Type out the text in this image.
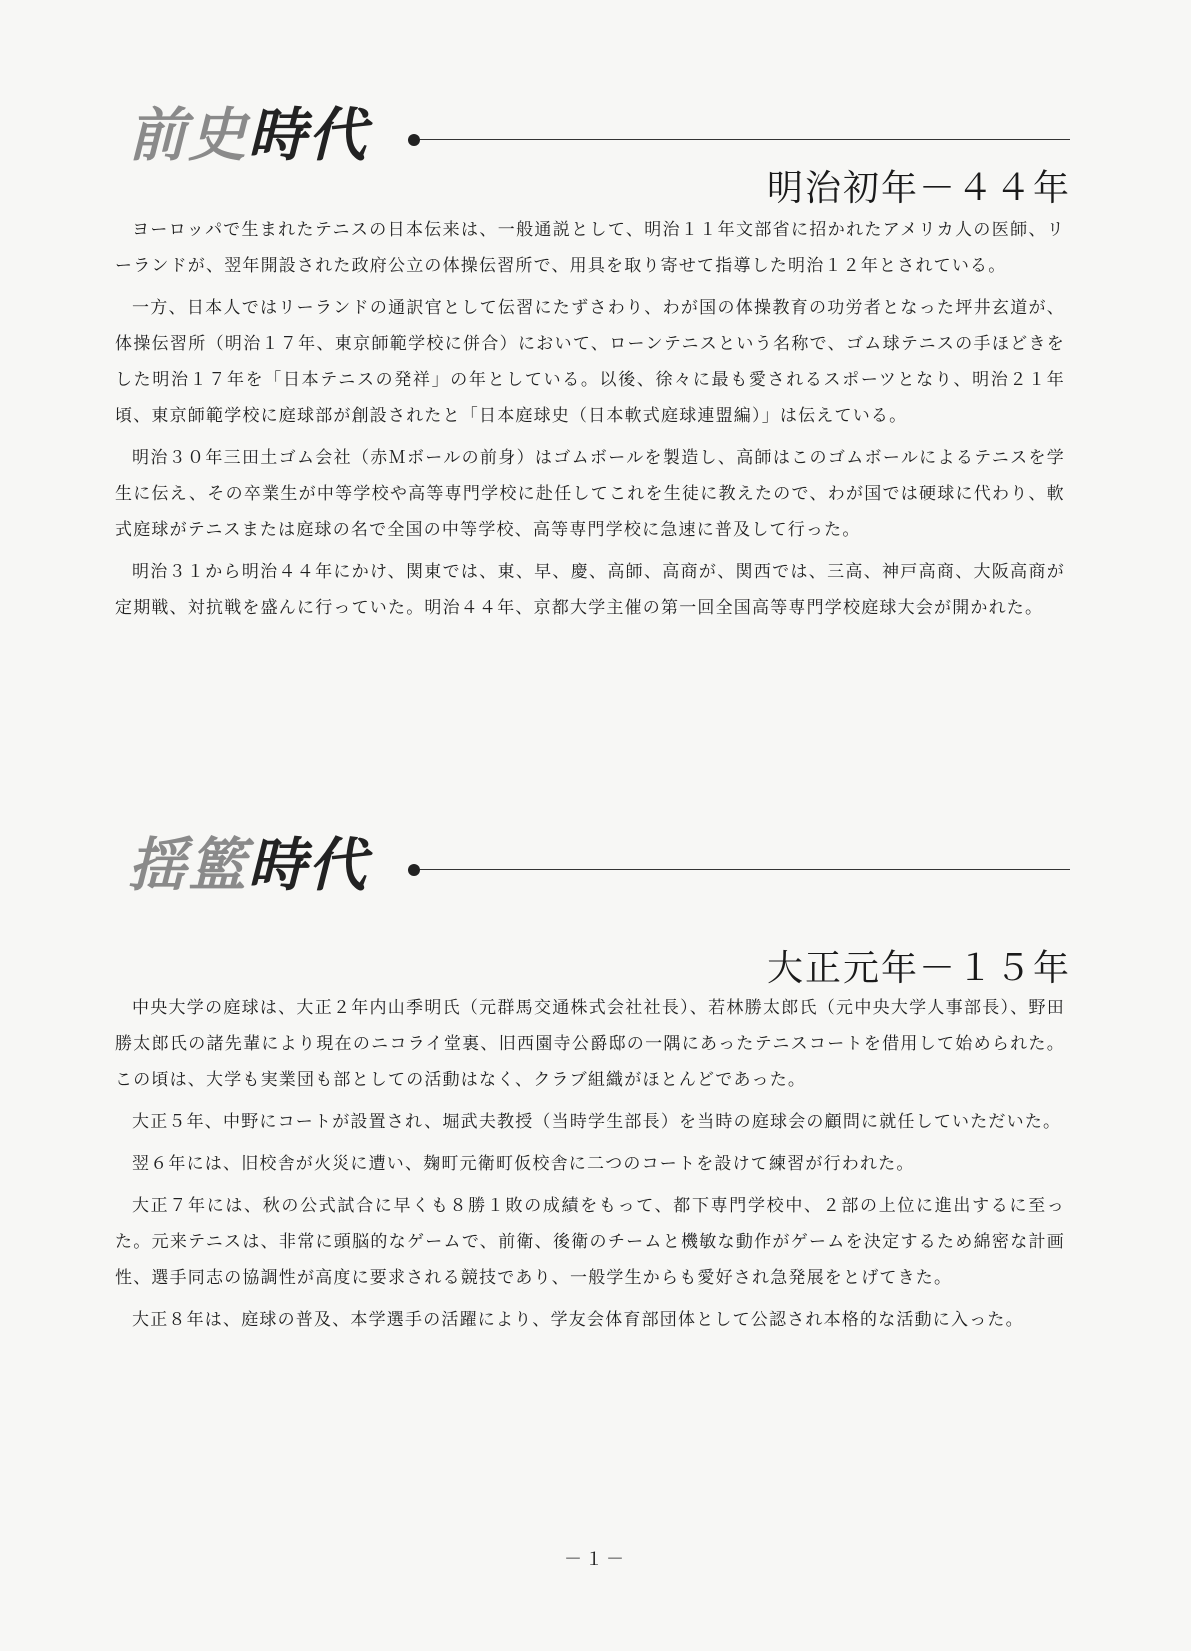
前史時代
明治初年－４４年

ヨーロッパで生まれたテニスの日本伝来は、一般通説として、明治１１年文部省に招かれたアメリカ人の医師、リーランドが、翌年開設された政府公立の体操伝習所で、用具を取り寄せて指導した明治１２年とされている。

一方、日本人ではリーランドの通訳官として伝習にたずさわり、わが国の体操教育の功労者となった坪井玄道が、体操伝習所（明治１７年、東京師範学校に併合）において、ローンテニスという名称で、ゴム球テニスの手ほどきをした明治１７年を「日本テニスの発祥」の年としている。以後、徐々に最も愛されるスポーツとなり、明治２１年頃、東京師範学校に庭球部が創設されたと「日本庭球史（日本軟式庭球連盟編）」は伝えている。

明治３０年三田土ゴム会社（赤Ｍボールの前身）はゴムボールを製造し、高師はこのゴムボールによるテニスを学生に伝え、その卒業生が中等学校や高等専門学校に赴任してこれを生徒に教えたので、わが国では硬球に代わり、軟式庭球がテニスまたは庭球の名で全国の中等学校、高等専門学校に急速に普及して行った。

明治３１から明治４４年にかけ、関東では、東、早、慶、高師、高商が、関西では、三高、神戸高商、大阪高商が定期戦、対抗戦を盛んに行っていた。明治４４年、京都大学主催の第一回全国高等専門学校庭球大会が開かれた。

揺籃時代
大正元年－１５年

中央大学の庭球は、大正２年内山季明氏（元群馬交通株式会社社長）、若林勝太郎氏（元中央大学人事部長）、野田勝太郎氏の諸先輩により現在のニコライ堂裏、旧西園寺公爵邸の一隅にあったテニスコートを借用して始められた。この頃は、大学も実業団も部としての活動はなく、クラブ組織がほとんどであった。

大正５年、中野にコートが設置され、堀武夫教授（当時学生部長）を当時の庭球会の顧問に就任していただいた。

翌６年には、旧校舎が火災に遭い、麹町元衛町仮校舎に二つのコートを設けて練習が行われた。

大正７年には、秋の公式試合に早くも８勝１敗の成績をもって、都下専門学校中、２部の上位に進出するに至った。元来テニスは、非常に頭脳的なゲームで、前衛、後衛のチームと機敏な動作がゲームを決定するため綿密な計画性、選手同志の協調性が高度に要求される競技であり、一般学生からも愛好され急発展をとげてきた。

大正８年は、庭球の普及、本学選手の活躍により、学友会体育部団体として公認され本格的な活動に入った。

－１－
